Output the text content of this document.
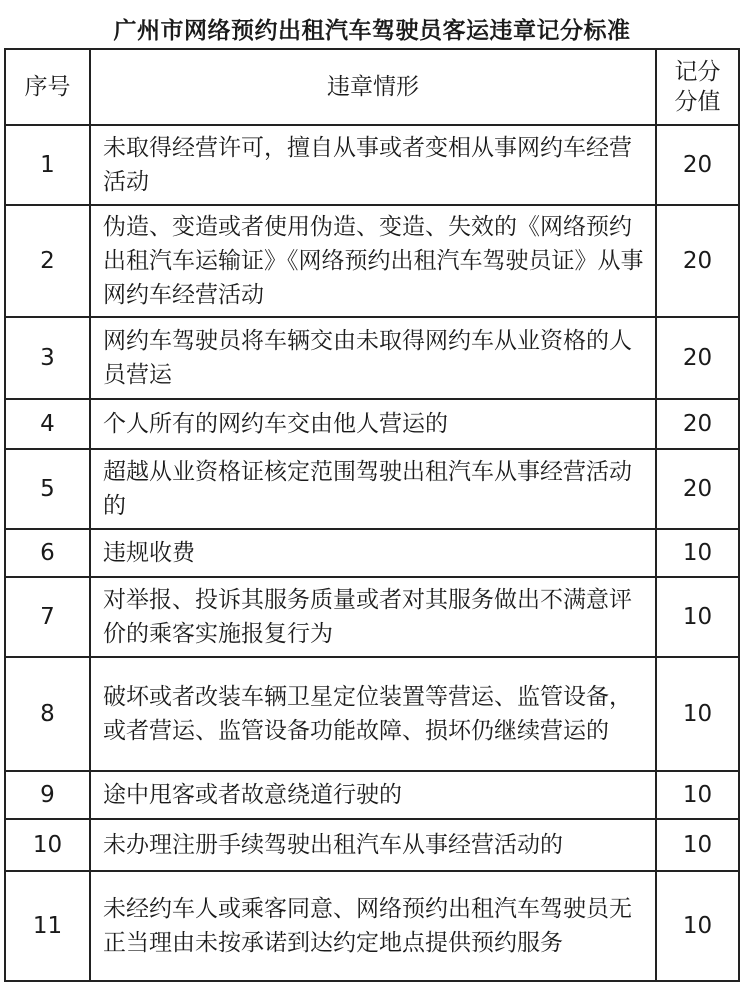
广州市网络预约出租汽车驾驶员客运违章记分标准
序号	违章情形	记分
分值

1	未取得经营许可，擅自从事或者变相从事网约车经营活动	20
2	伪造、变造或者使用伪造、变造、失效的《网络预约出租汽车运输证》《网络预约出租汽车驾驶员证》从事网约车经营活动	20
3	网约车驾驶员将车辆交由未取得网约车从业资格的人员营运	20
4	个人所有的网约车交由他人营运的	20
5	超越从业资格证核定范围驾驶出租汽车从事经营活动的	20
6	违规收费	10
7	对举报、投诉其服务质量或者对其服务做出不满意评价的乘客实施报复行为	10
8	破坏或者改装车辆卫星定位装置等营运、监管设备，或者营运、监管设备功能故障、损坏仍继续营运的	10
9	途中甩客或者故意绕道行驶的	10
10	未办理注册手续驾驶出租汽车从事经营活动的	10
11	未经约车人或乘客同意、网络预约出租汽车驾驶员无正当理由未按承诺到达约定地点提供预约服务	10
